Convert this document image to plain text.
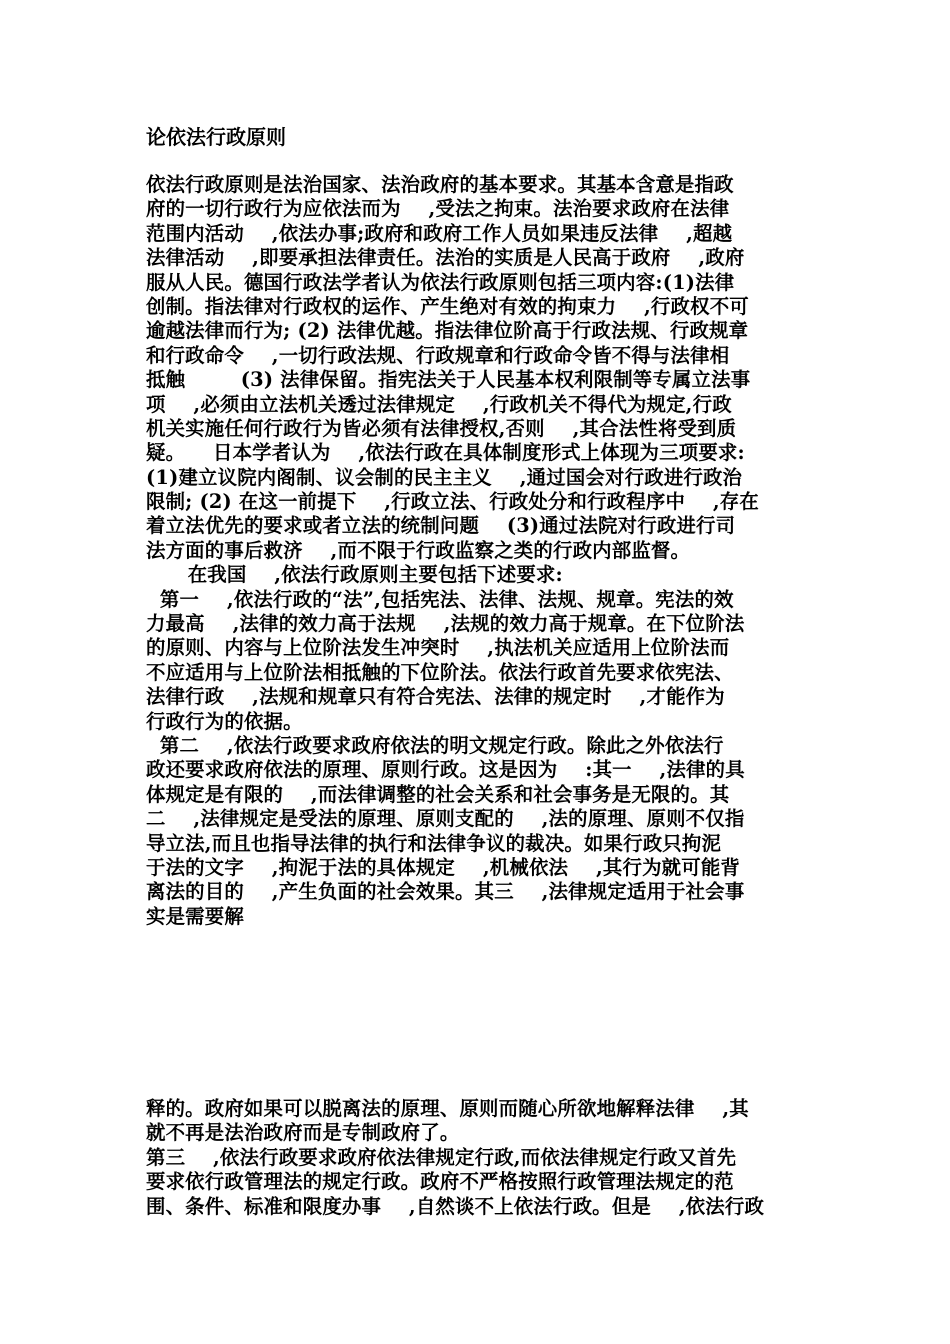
论依法行政原则
依法行政原则是法治国家、法治政府的基本要求。其基本含意是指政
府的一切行政行为应依法而为    ,受法之拘束。法治要求政府在法律
范围内活动    ,依法办事;政府和政府工作人员如果违反法律    ,超越
法律活动    ,即要承担法律责任。法治的实质是人民高于政府    ,政府
服从人民。德国行政法学者认为依法行政原则包括三项内容:(1)法律
创制。指法律对行政权的运作、产生绝对有效的拘束力    ,行政权不可
逾越法律而行为; (2) 法律优越。指法律位阶高于行政法规、行政规章
和行政命令    ,一切行政法规、行政规章和行政命令皆不得与法律相
抵触        (3) 法律保留。指宪法关于人民基本权利限制等专属立法事
项    ,必须由立法机关透过法律规定    ,行政机关不得代为规定,行政
机关实施任何行政行为皆必须有法律授权,否则    ,其合法性将受到质
疑。    日本学者认为    ,依法行政在具体制度形式上体现为三项要求:
(1)建立议院内阁制、议会制的民主主义    ,通过国会对行政进行政治
限制; (2) 在这一前提下    ,行政立法、行政处分和行政程序中    ,存在
着立法优先的要求或者立法的统制问题    (3)通过法院对行政进行司
法方面的事后救济    ,而不限于行政监察之类的行政内部监督。
在我国    ,依法行政原则主要包括下述要求:
第一    ,依法行政的“法”,包括宪法、法律、法规、规章。宪法的效
力最高    ,法律的效力高于法规    ,法规的效力高于规章。在下位阶法
的原则、内容与上位阶法发生冲突时    ,执法机关应适用上位阶法而
不应适用与上位阶法相抵触的下位阶法。依法行政首先要求依宪法、
法律行政    ,法规和规章只有符合宪法、法律的规定时    ,才能作为
行政行为的依据。
第二    ,依法行政要求政府依法的明文规定行政。除此之外依法行
政还要求政府依法的原理、原则行政。这是因为    :其一    ,法律的具
体规定是有限的    ,而法律调整的社会关系和社会事务是无限的。其
二    ,法律规定是受法的原理、原则支配的    ,法的原理、原则不仅指
导立法,而且也指导法律的执行和法律争议的裁决。如果行政只拘泥
于法的文字    ,拘泥于法的具体规定    ,机械依法    ,其行为就可能背
离法的目的    ,产生负面的社会效果。其三    ,法律规定适用于社会事
实是需要解
释的。政府如果可以脱离法的原理、原则而随心所欲地解释法律    ,其
就不再是法治政府而是专制政府了。
第三    ,依法行政要求政府依法律规定行政,而依法律规定行政又首先
要求依行政管理法的规定行政。政府不严格按照行政管理法规定的范
围、条件、标准和限度办事    ,自然谈不上依法行政。但是    ,依法行政
